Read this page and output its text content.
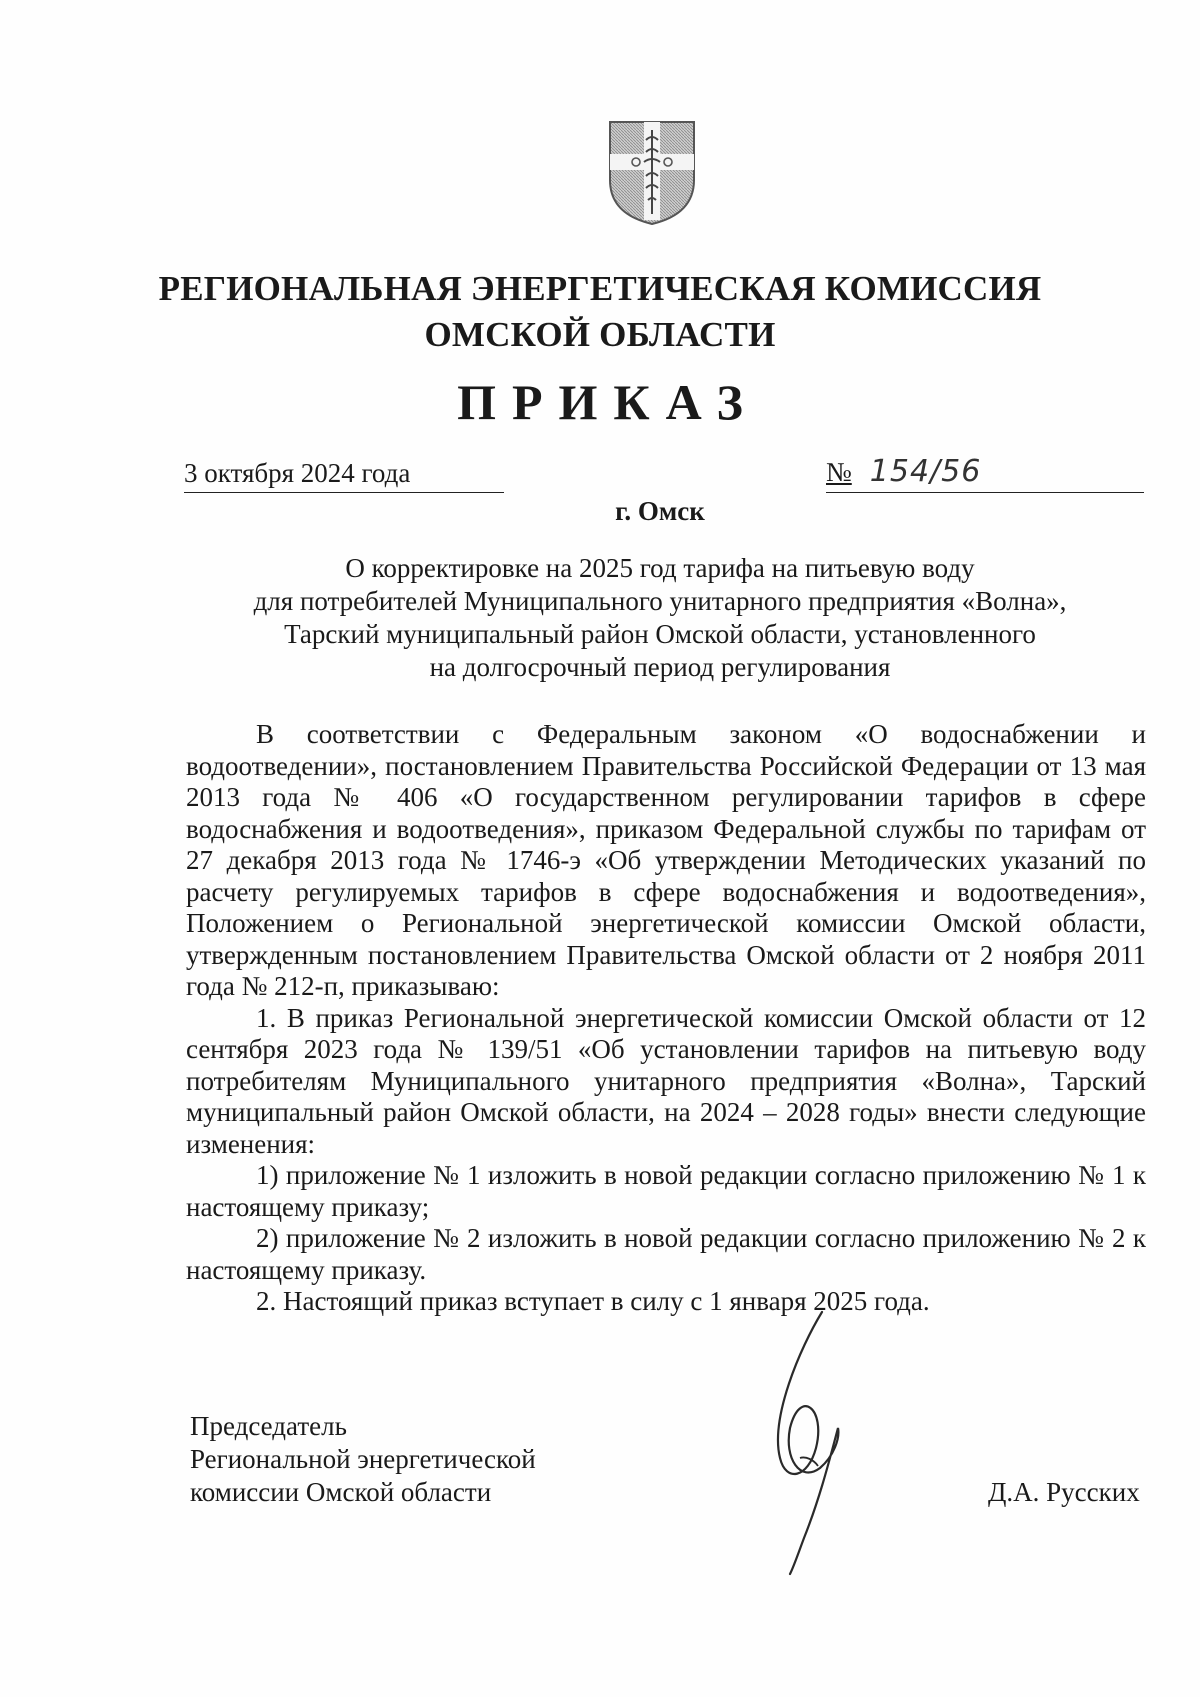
РЕГИОНАЛЬНАЯ ЭНЕРГЕТИЧЕСКАЯ КОМИССИЯ
ОМСКОЙ ОБЛАСТИ
ПРИКАЗ
3 октября 2024 года	№ 154/56
г. Омск
О корректировке на 2025 год тарифа на питьевую воду
для потребителей Муниципального унитарного предприятия «Волна»,
Тарский муниципальный район Омской области, установленного
на долгосрочный период регулирования

В соответствии с Федеральным законом «О водоснабжении и водоотведении», постановлением Правительства Российской Федерации от 13 мая 2013 года № 406 «О государственном регулировании тарифов в сфере водоснабжения и водоотведения», приказом Федеральной службы по тарифам от 27 декабря 2013 года № 1746-э «Об утверждении Методических указаний по расчету регулируемых тарифов в сфере водоснабжения и водоотведения», Положением о Региональной энергетической комиссии Омской области, утвержденным постановлением Правительства Омской области от 2 ноября 2011 года № 212-п, приказываю:

1. В приказ Региональной энергетической комиссии Омской области от 12 сентября 2023 года № 139/51 «Об установлении тарифов на питьевую воду потребителям Муниципального унитарного предприятия «Волна», Тарский муниципальный район Омской области, на 2024 – 2028 годы» внести следующие изменения:

1) приложение № 1 изложить в новой редакции согласно приложению № 1 к настоящему приказу;

2) приложение № 2 изложить в новой редакции согласно приложению № 2 к настоящему приказу.

2. Настоящий приказ вступает в силу с 1 января 2025 года.

Председатель
Региональной энергетической
комиссии Омской области	Д.А. Русских
